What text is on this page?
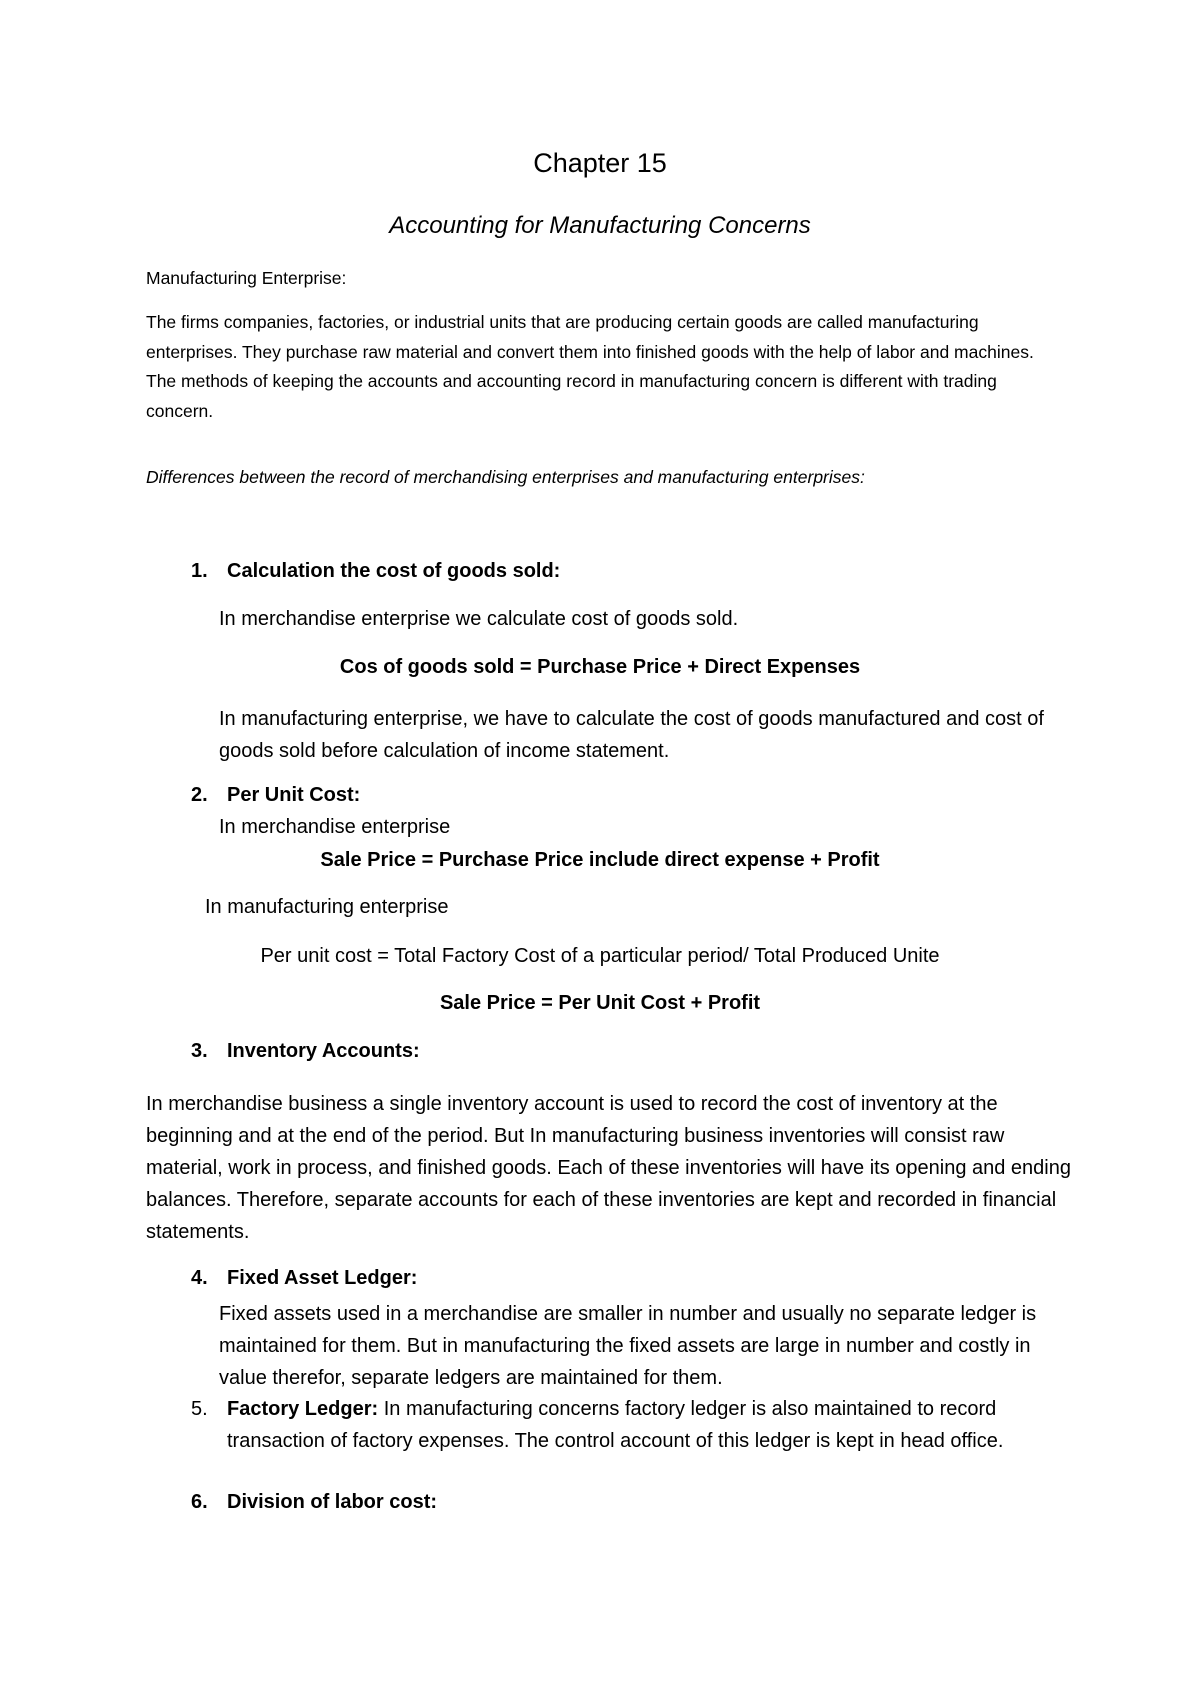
Chapter 15
Accounting for Manufacturing Concerns

Manufacturing Enterprise:

The firms companies, factories, or industrial units that are producing certain goods are called manufacturing enterprises. They purchase raw material and convert them into finished goods with the help of labor and machines. The methods of keeping the accounts and accounting record in manufacturing concern is different with trading concern.

Differences between the record of merchandising enterprises and manufacturing enterprises:

1. Calculation the cost of goods sold:

In merchandise enterprise we calculate cost of goods sold.

Cos of goods sold = Purchase Price + Direct Expenses

In manufacturing enterprise, we have to calculate the cost of goods manufactured and cost of goods sold before calculation of income statement.

2. Per Unit Cost:

In merchandise enterprise

Sale Price = Purchase Price include direct expense + Profit

In manufacturing enterprise

Per unit cost = Total Factory Cost of a particular period/ Total Produced Unite

Sale Price = Per Unit Cost + Profit

3. Inventory Accounts:

In merchandise business a single inventory account is used to record the cost of inventory at the beginning and at the end of the period. But In manufacturing business inventories will consist raw material, work in process, and finished goods. Each of these inventories will have its opening and ending balances. Therefore, separate accounts for each of these inventories are kept and recorded in financial statements.

4. Fixed Asset Ledger:

Fixed assets used in a merchandise are smaller in number and usually no separate ledger is maintained for them. But in manufacturing the fixed assets are large in number and costly in value therefor, separate ledgers are maintained for them.

5. Factory Ledger: In manufacturing concerns factory ledger is also maintained to record transaction of factory expenses. The control account of this ledger is kept in head office.
6. Division of labor cost:
